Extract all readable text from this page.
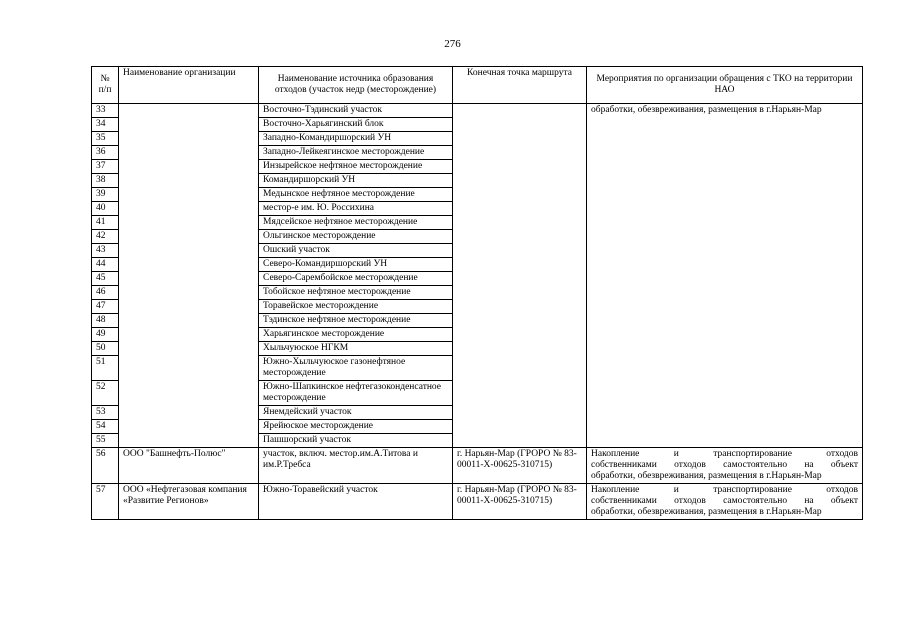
276
№ п/п	Наименование организации	Наименование источника образования отходов (участок недр (месторождение)	Конечная точка маршрута	Мероприятия по организации обращения с ТКО на территории НАО
33		Восточно-Тэдинский участок		обработки, обезвреживания, размещения в г.Нарьян-Мар
34		Восточно-Харьягинский блок		
35		Западно-Командиршорский УН		
36		Западно-Лейкеягинское месторождение		
37		Инзырейское нефтяное месторождение		
38		Командиршорский УН		
39		Медынское нефтяное месторождение		
40		местор-е им. Ю. Россихина		
41		Мядсейское нефтяное месторождение		
42		Ольгинское месторождение		
43		Ошский участок		
44		Северо-Командиршорский УН		
45		Северо-Сарембойское месторождение		
46		Тобойское нефтяное месторождение		
47		Торавейское месторождение		
48		Тэдинское нефтяное месторождение		
49		Харьягинское месторождение		
50		Хыльчуюское НГКМ		
51		Южно-Хыльчуюское газонефтяное месторождение		
52		Южно-Шапкинское нефтегазоконденсатное месторождение		
53		Янемдейский участок		
54		Ярейюское месторождение		
55		Пашшорский участок		
56	ООО "Башнефть-Полюс"	участок, включ. местор.им.А.Титова и им.Р.Требса	г. Нарьян-Мар (ГРОРО № 83-00011-Х-00625-310715)	Накопление и транспортирование отходов
собственниками отходов самостоятельно на объект
обработки, обезвреживания, размещения в г.Нарьян-Мар

57	ООО «Нефтегазовая компания «Развитие Регионов»	Южно-Торавейский участок	г. Нарьян-Мар (ГРОРО № 83-00011-Х-00625-310715)	Накопление и транспортирование отходов
собственниками отходов самостоятельно на объект
обработки, обезвреживания, размещения в г.Нарьян-Мар
